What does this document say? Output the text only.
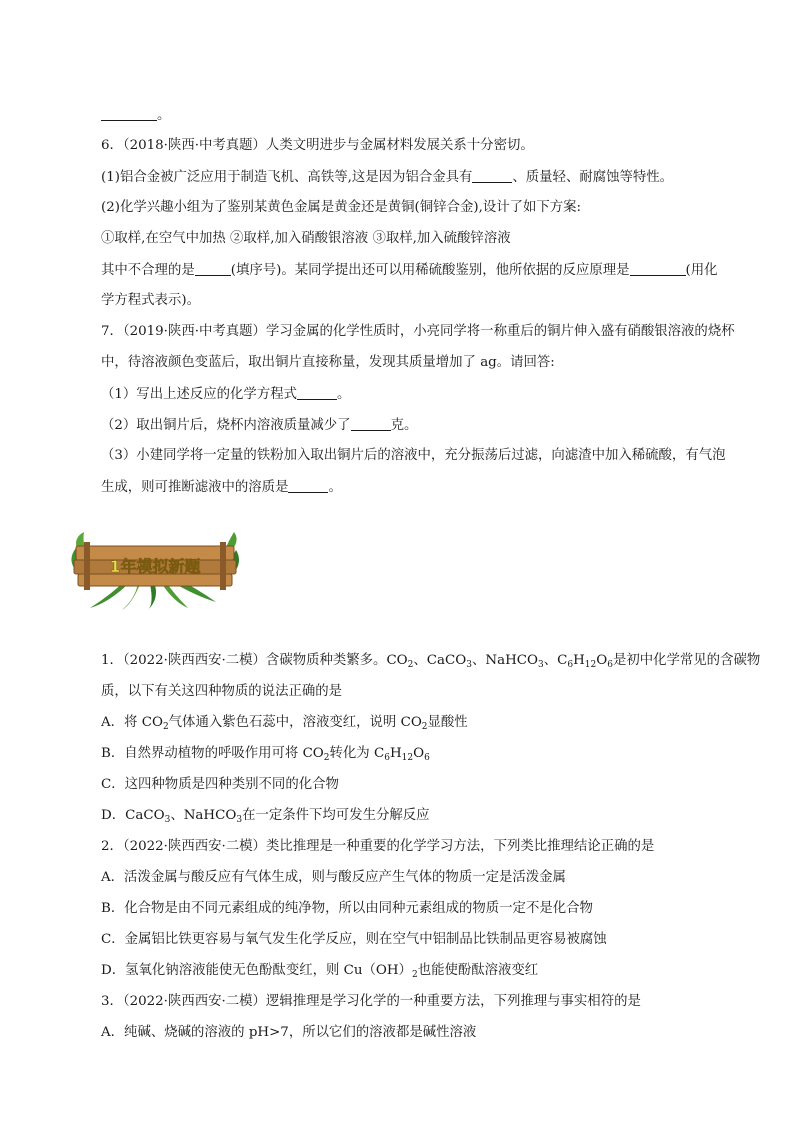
。
6．（2018·陕西·中考真题）人类文明进步与金属材料发展关系十分密切。
(1)铝合金被广泛应用于制造飞机、高铁等,这是因为铝合金具有	、质量轻、耐腐蚀等特性。
(2)化学兴趣小组为了鉴别某黄色金属是黄金还是黄铜(铜锌合金),设计了如下方案:
①取样,在空气中加热 ②取样,加入硝酸银溶液 ③取样,加入硫酸锌溶液
其中不合理的是	(填序号)。某同学提出还可以用稀硫酸鉴别，他所依据的反应原理是	(用化
学方程式表示)。
7．（2019·陕西·中考真题）学习金属的化学性质时，小亮同学将一称重后的铜片伸入盛有硝酸银溶液的烧杯
中，待溶液颜色变蓝后，取出铜片直接称量，发现其质量增加了 ag。请回答:
（1）写出上述反应的化学方程式	。
（2）取出铜片后，烧杯内溶液质量减少了	克。
（3）小建同学将一定量的铁粉加入取出铜片后的溶液中，充分振荡后过滤，向滤渣中加入稀硫酸，有气泡
生成，则可推断滤液中的溶质是	。
1年模拟新题
1．（2022·陕西西安·二模）含碳物质种类繁多。$CO_2$、CaCO$_3$、NaHCO$_3$、$C_6H_{12}O_6$是初中化学常见的含碳物
质，以下有关这四种物质的说法正确的是
A．将 $CO_2$气体通入紫色石蕊中，溶液变红，说明 $CO_2$显酸性
B．自然界动植物的呼吸作用可将 $CO_2$转化为 $C_6H_{12}O_6$
C．这四种物质是四种类别不同的化合物
D．CaCO$_3$、NaHCO$_3$在一定条件下均可发生分解反应
2．（2022·陕西西安·二模）类比推理是一种重要的化学学习方法，下列类比推理结论正确的是
A．活泼金属与酸反应有气体生成，则与酸反应产生气体的物质一定是活泼金属
B．化合物是由不同元素组成的纯净物，所以由同种元素组成的物质一定不是化合物
C．金属铝比铁更容易与氧气发生化学反应，则在空气中铝制品比铁制品更容易被腐蚀
D．氢氧化钠溶液能使无色酚酞变红，则 $Cu(OH)_2$也能使酚酞溶液变红
3．（2022·陕西西安·二模）逻辑推理是学习化学的一种重要方法，下列推理与事实相符的是
A．纯碱、烧碱的溶液的 pH>7，所以它们的溶液都是碱性溶液
